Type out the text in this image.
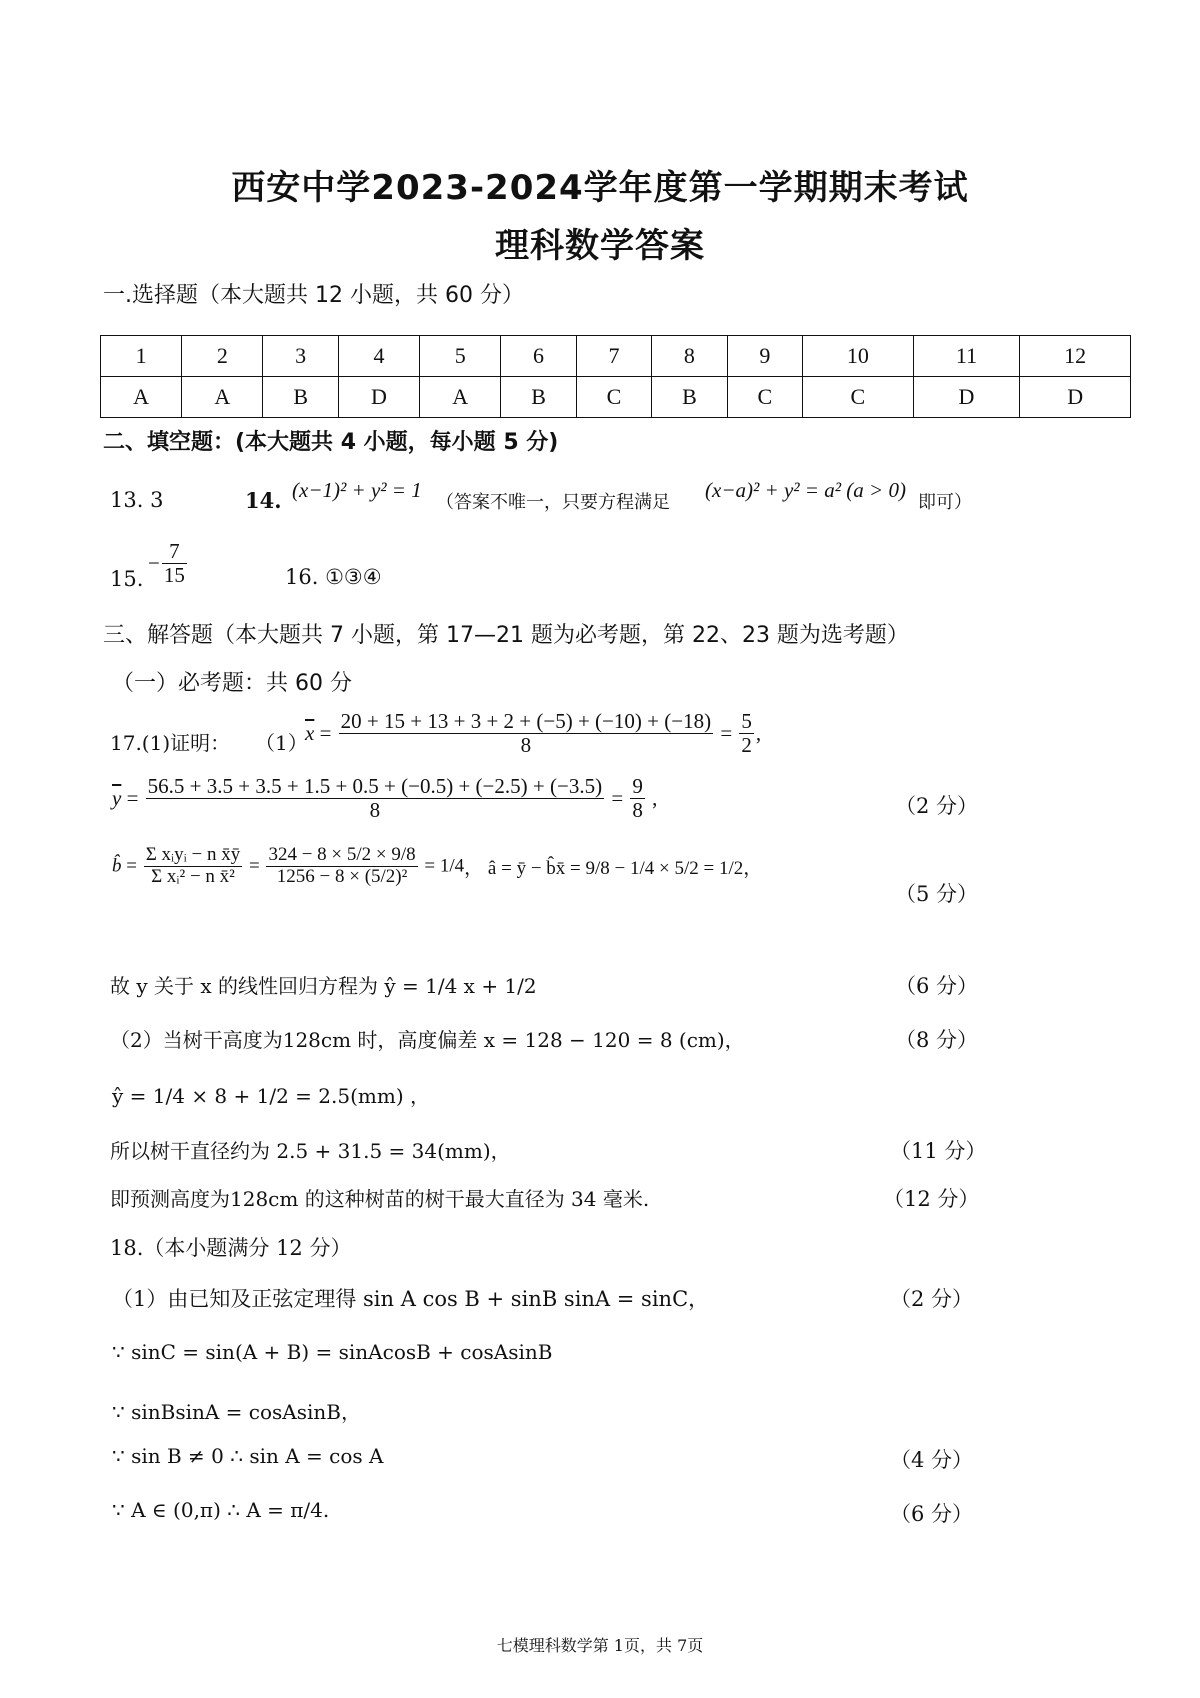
西安中学2023-2024学年度第一学期期末考试
理科数学答案
一.选择题（本大题共 12 小题，共 60 分）
1	2	3	4	5	6	7	8	9	10	11	12
A	A	B	D	A	B	C	B	C	C	D	D
二、填空题：(本大题共 4 小题，每小题 5 分)
13. 3	14. (x−1)² + y² = 1
（答案不唯一，只要方程满足
(x−a)² + y² = a² (a > 0)
即可）
15.
− $\frac{7}{15}$	16. ①③④
三、解答题（本大题共 7 小题，第 17—21 题为必考题，第 22、23 题为选考题）
（一）必考题：共 60 分
17.(1)证明： （1）
$\overline{x} = \frac{20 + 15 + 13 + 3 + 2 + (-5) + (-10) + (-18)}{8} = \frac{5}{2}$ ,
$\overline{y} = \frac{56.5 + 3.5 + 3.5 + 1.5 + 0.5 + (-0.5) + (-2.5) + (-3.5)}{8} = \frac{9}{8}$ ,	（2 分）
b̂ = $\frac{\text{Σ xᵢyᵢ − n x̄ȳ}}{\text{Σ xᵢ² − n x̄²}} = \frac{324 - 8 \times 5/2 \times 9/8}{\text{1256 − 8 × (5/2)²}} = 1/4$， â = ȳ − b̂x̄ = 9/8 − 1/4 × 5/2 = 1/2，
（5 分）
故 y 关于 x 的线性回归方程为 ŷ = 1/4 x + 1/2	（6 分）
（2）当树干高度为128cm 时，高度偏差 x = 128 − 120 = 8 (cm)，	（8 分）
ŷ = 1/4 × 8 + 1/2 = 2.5(mm) ，
所以树干直径约为 2.5 + 31.5 = 34(mm)，	（11 分）
即预测高度为128cm 的这种树苗的树干最大直径为 34 毫米.	（12 分）
18.（本小题满分 12 分）
（1）由已知及正弦定理得 sin A cos B + sinB sinA = sinC，	（2 分）
∵ sinC = sin(A + B) = sinAcosB + cosAsinB
∵ sinBsinA = cosAsinB，
∵ sin B ≠ 0 ∴ sin A = cos A	（4 分）
∵ A ∈ (0,π) ∴ A = π/4.	（6 分）
七模理科数学第 1页，共 7页
